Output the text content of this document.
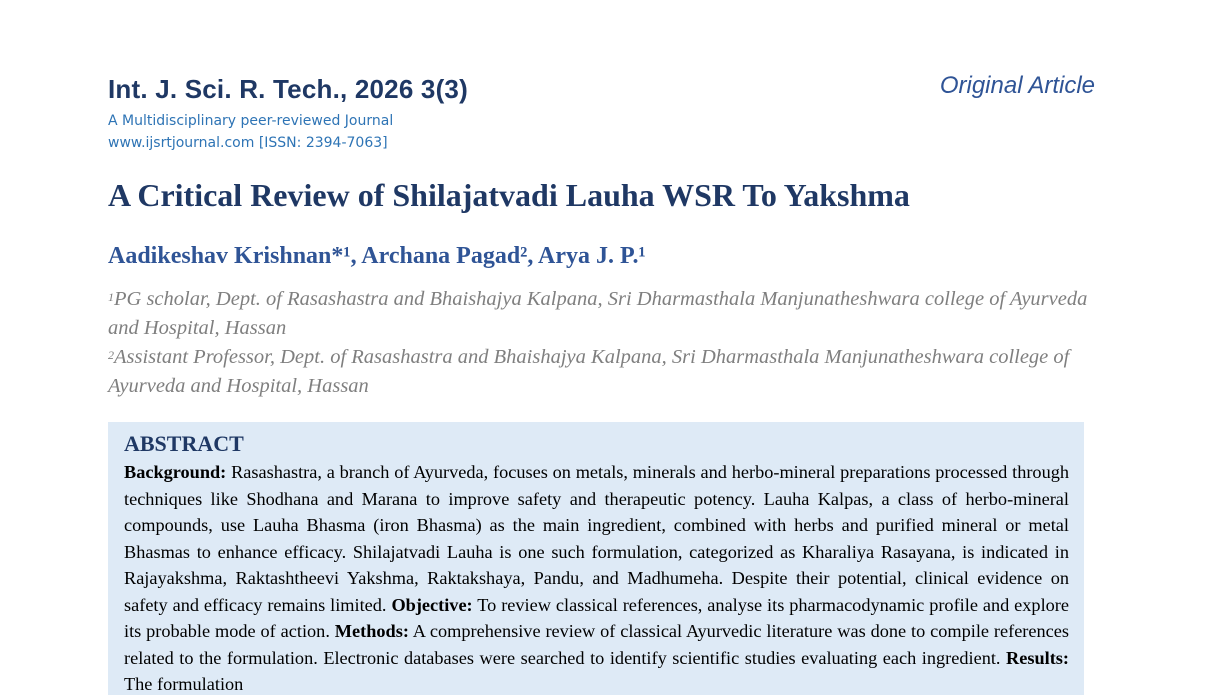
Int. J. Sci. R. Tech., 2026 3(3)
A Multidisciplinary peer-reviewed Journal
www.ijsrtjournal.com [ISSN: 2394-7063]
Original Article
A Critical Review of Shilajatvadi Lauha WSR To Yakshma
Aadikeshav Krishnan*¹, Archana Pagad², Arya J. P.¹
$^1$PG scholar, Dept. of Rasashastra and Bhaishajya Kalpana, Sri Dharmasthala Manjunatheshwara college of Ayurveda and Hospital, Hassan
$^2$Assistant Professor, Dept. of Rasashastra and Bhaishajya Kalpana, Sri Dharmasthala Manjunatheshwara college of Ayurveda and Hospital, Hassan
ABSTRACT
Background: Rasashastra, a branch of Ayurveda, focuses on metals, minerals and herbo-mineral preparations processed through techniques like Shodhana and Marana to improve safety and therapeutic potency. Lauha Kalpas, a class of herbo-mineral compounds, use Lauha Bhasma (iron Bhasma) as the main ingredient, combined with herbs and purified mineral or metal Bhasmas to enhance efficacy. Shilajatvadi Lauha is one such formulation, categorized as Kharaliya Rasayana, is indicated in Rajayakshma, Raktashtheevi Yakshma, Raktakshaya, Pandu, and Madhumeha. Despite their potential, clinical evidence on safety and efficacy remains limited. Objective: To review classical references, analyse its pharmacodynamic profile and explore its probable mode of action. Methods: A comprehensive review of classical Ayurvedic literature was done to compile references related to the formulation. Electronic databases were searched to identify scientific studies evaluating each ingredient. Results: The formulation
